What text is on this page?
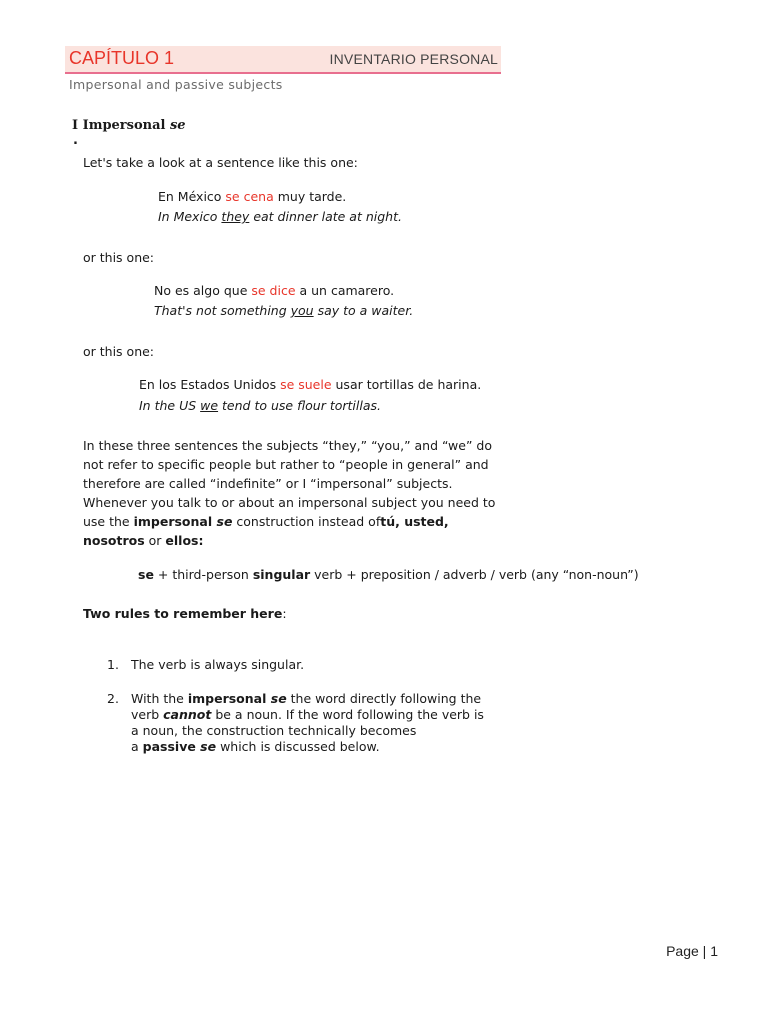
CAPÍTULO 1	INVENTARIO PERSONAL
Impersonal and passive subjects
I Impersonal se
.
Let's take a look at a sentence like this one:
En México se cena muy tarde.
In Mexico they eat dinner late at night.
or this one:
No es algo que se dice a un camarero.
That's not something you say to a waiter.
or this one:
En los Estados Unidos se suele usar tortillas de harina.
In the US we tend to use flour tortillas.
In these three sentences the subjects “they,” “you,” and “we” do
not refer to specific people but rather to “people in general” and
therefore are called “indefinite” or I “impersonal” subjects.
Whenever you talk to or about an impersonal subject you need to
use the impersonal se construction instead oftú, usted,
nosotros or ellos:
se + third-person singular verb + preposition / adverb / verb (any “non-noun”)
Two rules to remember here:
1. The verb is always singular.
2. With the impersonal se the word directly following the
verb cannot be a noun. If the word following the verb is
a noun, the construction technically becomes
a passive se which is discussed below.
Page | 1
